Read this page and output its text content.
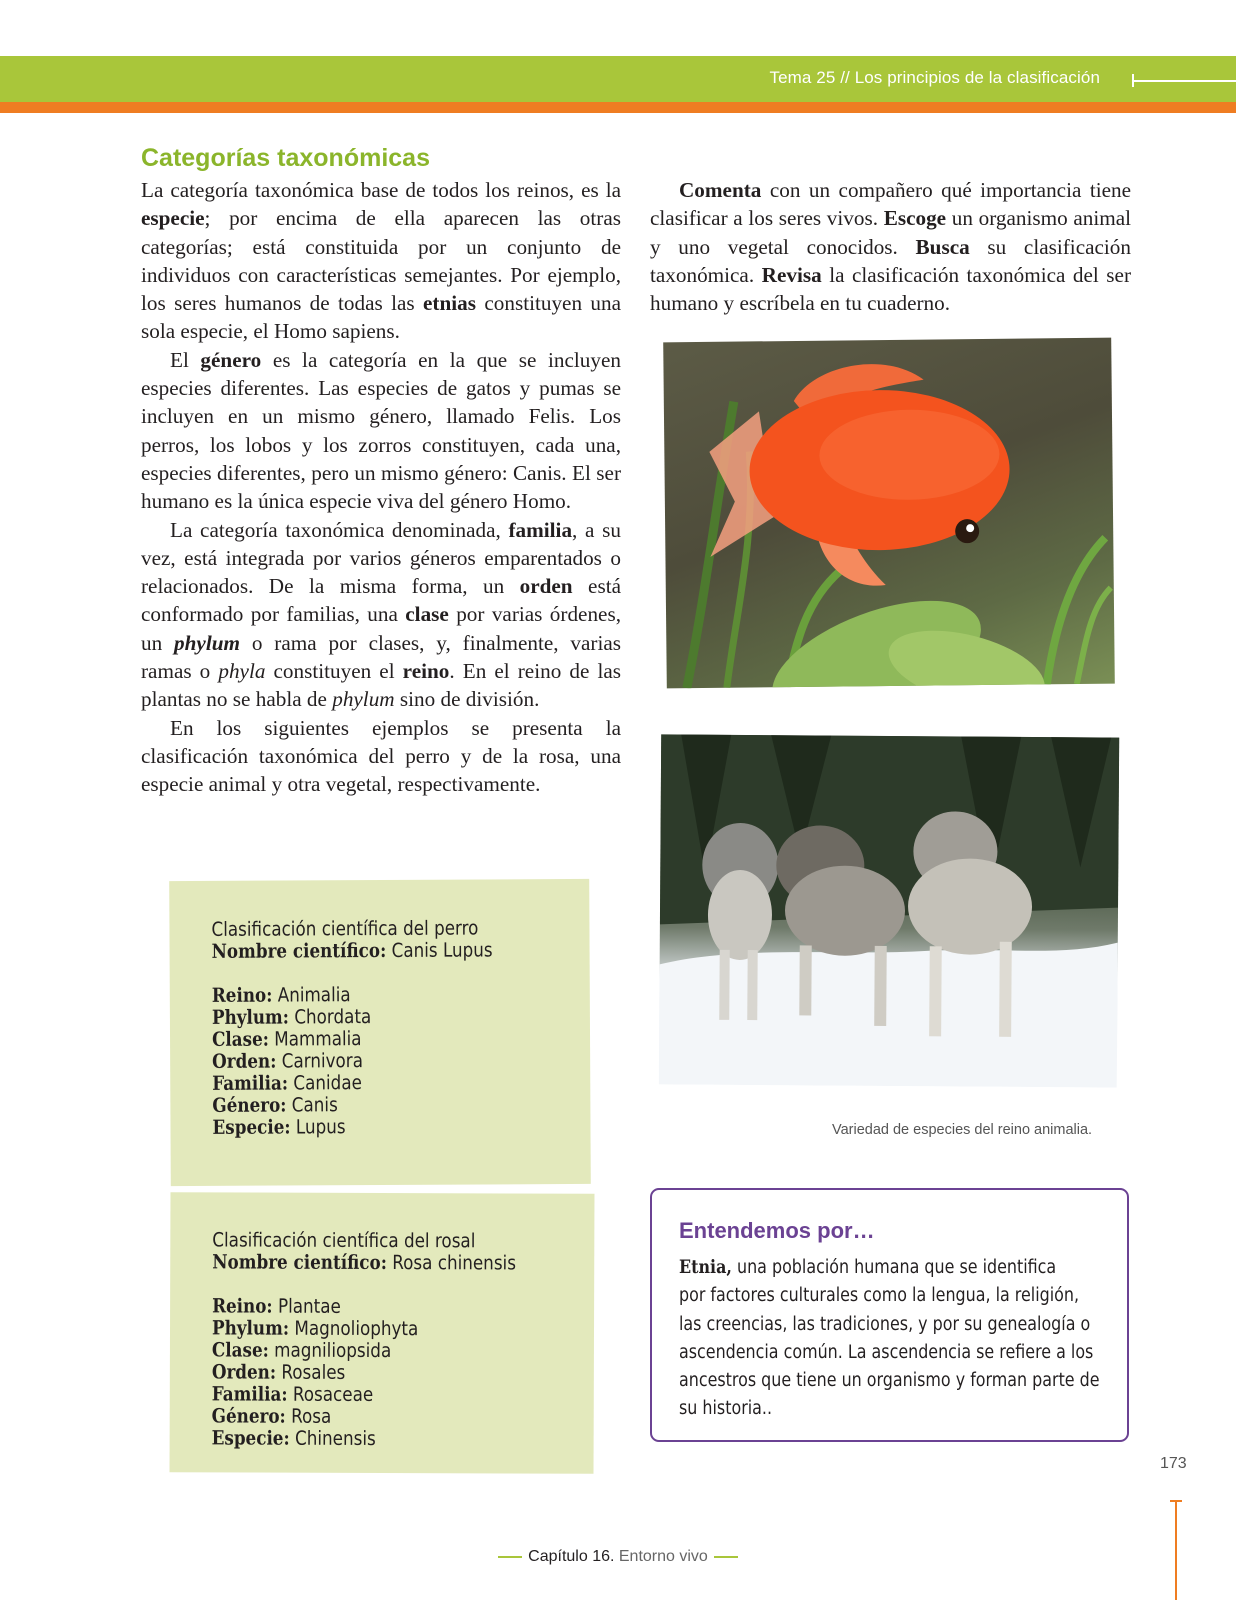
Tema 25 // Los principios de la clasificación
Categorías taxonómicas

La categoría taxonómica base de todos los reinos, es la especie; por encima de ella aparecen las otras categorías; está constituida por un conjunto de individuos con características semejantes. Por ejemplo, los seres humanos de todas las etnias constituyen una sola especie, el Homo sapiens.

El género es la categoría en la que se incluyen especies diferentes. Las especies de gatos y pumas se incluyen en un mismo género, llamado Felis. Los perros, los lobos y los zorros constituyen, cada una, especies diferentes, pero un mismo género: Canis. El ser humano es la única especie viva del género Homo.

La categoría taxonómica denominada, familia, a su vez, está integrada por varios géneros emparentados o relacionados. De la misma forma, un orden está conformado por familias, una clase por varias órdenes, un phylum o rama por clases, y, finalmente, varias ramas o phyla constituyen el reino. En el reino de las plantas no se habla de phylum sino de división.

En los siguientes ejemplos se presenta la clasificación taxonómica del perro y de la rosa, una especie animal y otra vegetal, respectivamente.

Comenta con un compañero qué importancia tiene clasificar a los seres vivos. Escoge un organismo animal y uno vegetal conocidos. Busca su clasificación taxonómica. Revisa la clasificación taxonómica del ser humano y escríbela en tu cuaderno.

Variedad de especies del reino animalia.
Clasificación científica del perro
Nombre científico: Canis Lupus
Reino: Animalia
Phylum: Chordata
Clase: Mammalia
Orden: Carnivora
Familia: Canidae
Género: Canis
Especie: Lupus
Clasificación científica del rosal
Nombre científico: Rosa chinensis
Reino: Plantae
Phylum: Magnoliophyta
Clase: magniliopsida
Orden: Rosales
Familia: Rosaceae
Género: Rosa
Especie: Chinensis
Entendemos por…
Etnia, una población humana que se identifica
por factores culturales como la lengua, la religión,
las creencias, las tradiciones, y por su genealogía o
ascendencia común. La ascendencia se refiere a los
ancestros que tiene un organismo y forman parte de
su historia..
173
Capítulo 16. Entorno vivo
